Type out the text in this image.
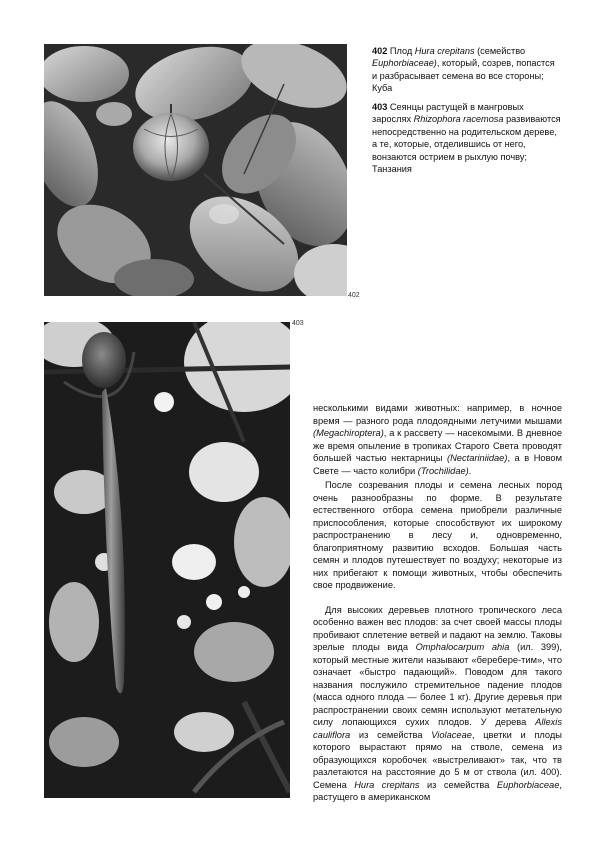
402
403
402 Плод Hura crepitans (семейство Euphorbiaceae), который, созрев, попастся и разбрасывает семена во все стороны; Куба
403 Сеянцы растущей в мангровых зарослях Rhizophora racemosa развиваются непосредственно на родительском дереве, а те, которые, отделившись от него, вонзаются острием в рыхлую почву; Танзания

несколькими видами животных: например, в ночное время — разного рода плодоядными летучими мышами (Megachiroptera), а к рассвету — насекомыми. В дневное же время опыление в тропиках Старого Света проводят большей частью нектарницы (Nectariniidae), а в Новом Свете — часто колибри (Trochilidae).

После созревания плоды и семена лесных пород очень разнообразны по форме. В результате естественного отбора семена приобрели различные приспособления, которые способствуют их широкому распространению в лесу и, одновременно, благоприятному развитию всходов. Большая часть семян и плодов путешествует по воздуху; некоторые из них прибегают к помощи животных, чтобы обеспечить свое продвижение.

Для высоких деревьев плотного тропического леса особенно важен вес плодов: за счет своей массы плоды пробивают сплетение ветвей и падают на землю. Таковы зрелые плоды вида Omphalocarpum ahia (ил. 399), который местные жители называют «беребере-тим», что означает «быстро падающий». Поводом для такого названия послужило стремительное падение плодов (масса одного плода — более 1 кг). Другие деревья при распространении своих семян используют метательную силу лопающихся сухих плодов. У дерева Allexis cauliflora из семейства Violaceae, цветки и плоды которого вырастают прямо на стволе, семена из образующихся коробочек «выстреливают» так, что тв разлетаются на расстояние до 5 м от ствола (ил. 400). Семена Hura crepitans из семейства Euphorbiaceae, растущего в американском
